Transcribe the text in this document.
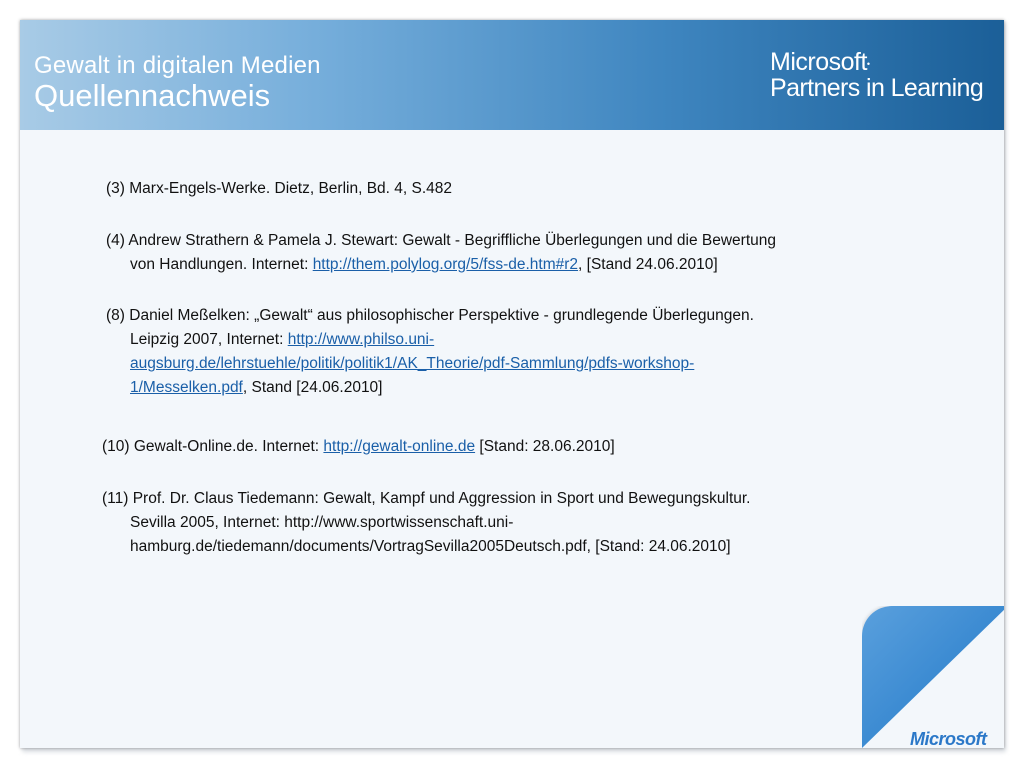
Gewalt in digitalen Medien
Quellennachweis
Microsoft•
Partners in Learning
(3) Marx-Engels-Werke. Dietz, Berlin, Bd. 4, S.482
(4) Andrew Strathern & Pamela J. Stewart: Gewalt - Begriffliche Überlegungen und die Bewertung
von Handlungen. Internet: http://them.polylog.org/5/fss-de.htm#r2, [Stand 24.06.2010]
(8) Daniel Meßelken: „Gewalt“ aus philosophischer Perspektive - grundlegende Überlegungen.
Leipzig 2007, Internet: http://www.philso.uni-
augsburg.de/lehrstuehle/politik/politik1/AK_Theorie/pdf-Sammlung/pdfs-workshop-
1/Messelken.pdf, Stand [24.06.2010]
(10) Gewalt-Online.de. Internet: http://gewalt-online.de [Stand: 28.06.2010]
(11) Prof. Dr. Claus Tiedemann: Gewalt, Kampf und Aggression in Sport und Bewegungskultur.
Sevilla 2005, Internet: http://www.sportwissenschaft.uni-
hamburg.de/tiedemann/documents/VortragSevilla2005Deutsch.pdf, [Stand: 24.06.2010]
Microsoft
